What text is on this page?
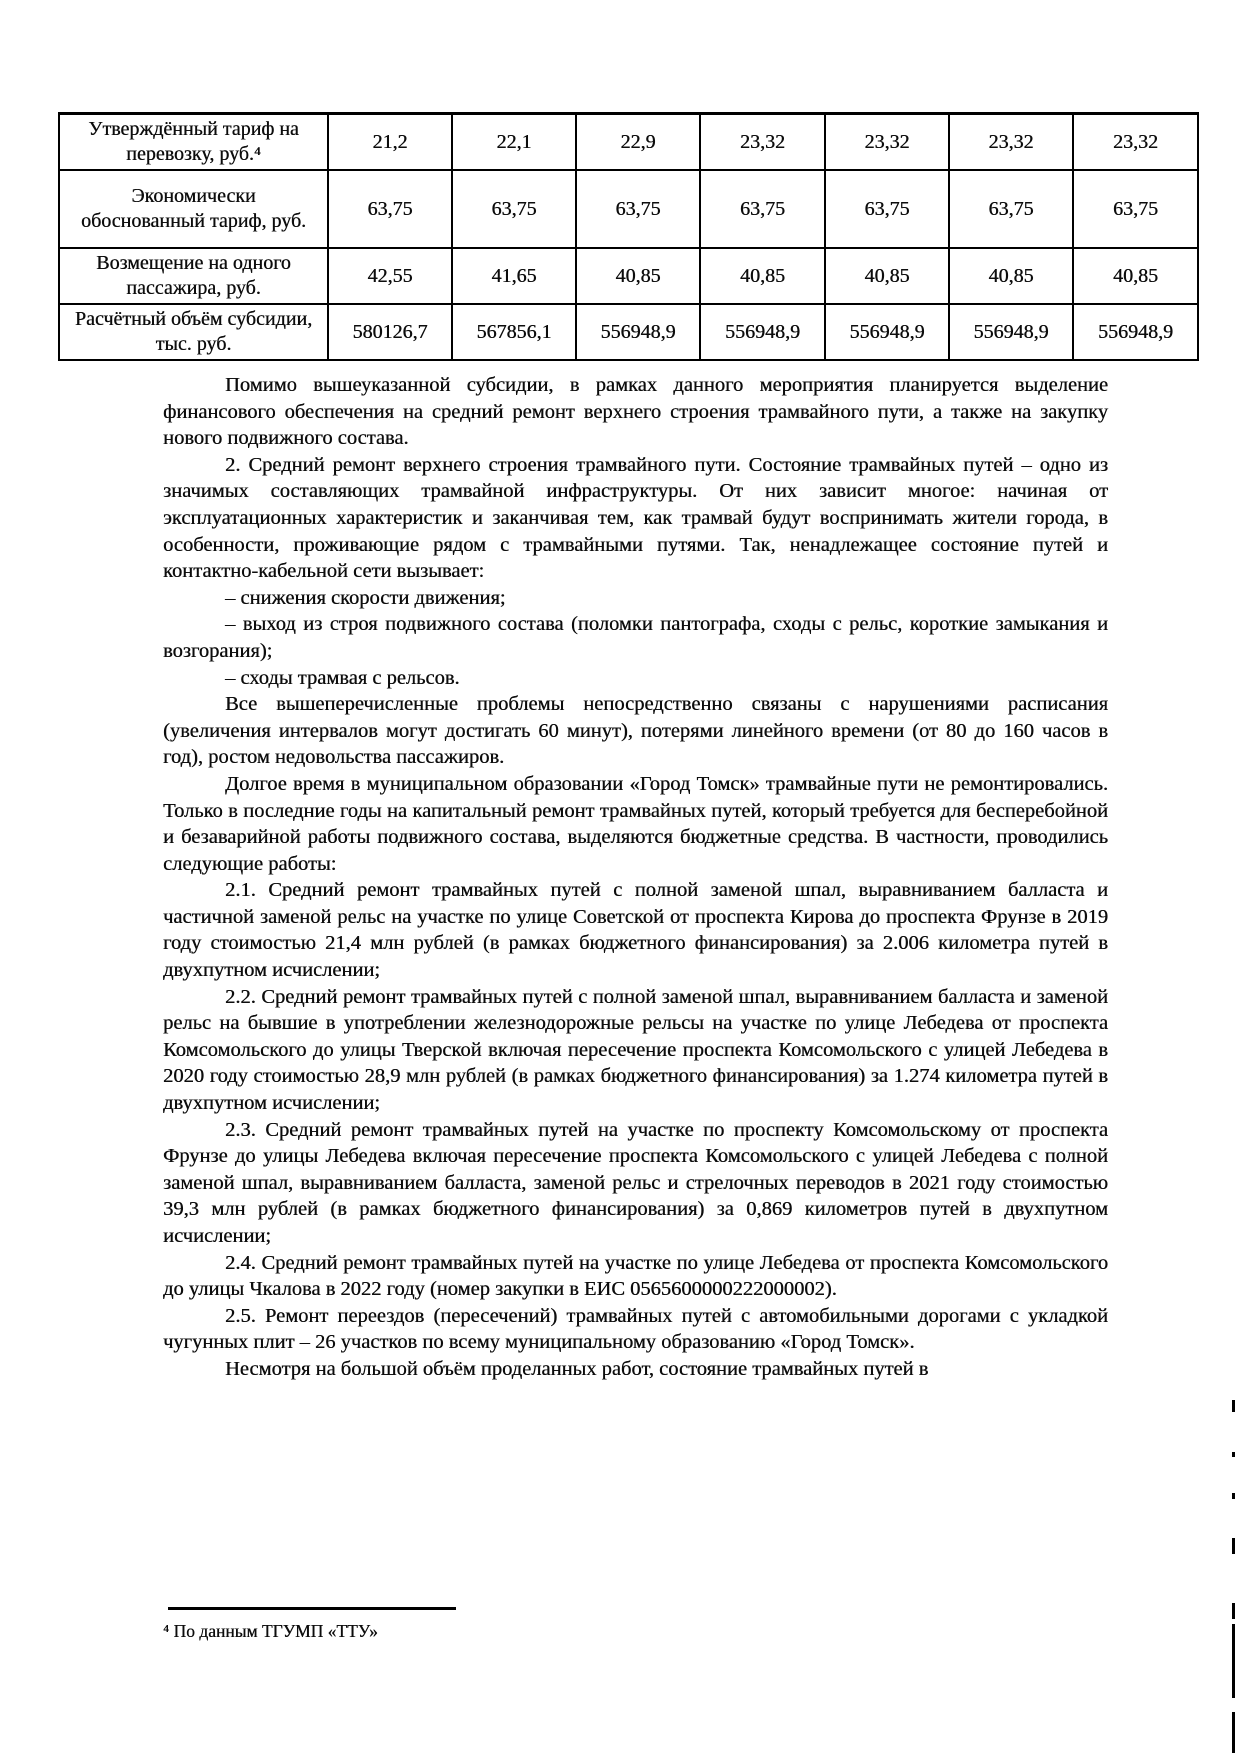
Утверждённый тариф на перевозку, руб.⁴	21,2	22,1	22,9	23,32	23,32	23,32	23,32
Экономически обоснованный тариф, руб.	63,75	63,75	63,75	63,75	63,75	63,75	63,75
Возмещение на одного пассажира, руб.	42,55	41,65	40,85	40,85	40,85	40,85	40,85
Расчётный объём субсидии, тыс. руб.	580126,7	567856,1	556948,9	556948,9	556948,9	556948,9	556948,9

Помимо вышеуказанной субсидии, в рамках данного мероприятия планируется выделение финансового обеспечения на средний ремонт верхнего строения трамвайного пути, а также на закупку нового подвижного состава.

2. Средний ремонт верхнего строения трамвайного пути. Состояние трамвайных путей – одно из значимых составляющих трамвайной инфраструктуры. От них зависит многое: начиная от эксплуатационных характеристик и заканчивая тем, как трамвай будут воспринимать жители города, в особенности, проживающие рядом с трамвайными путями. Так, ненадлежащее состояние путей и контактно-кабельной сети вызывает:

– снижения скорости движения;

– выход из строя подвижного состава (поломки пантографа, сходы с рельс, короткие замыкания и возгорания);

– сходы трамвая с рельсов.

Все вышеперечисленные проблемы непосредственно связаны с нарушениями расписания (увеличения интервалов могут достигать 60 минут), потерями линейного времени (от 80 до 160 часов в год), ростом недовольства пассажиров.

Долгое время в муниципальном образовании «Город Томск» трамвайные пути не ремонтировались. Только в последние годы на капитальный ремонт трамвайных путей, который требуется для бесперебойной и безаварийной работы подвижного состава, выделяются бюджетные средства. В частности, проводились следующие работы:

2.1. Средний ремонт трамвайных путей с полной заменой шпал, выравниванием балласта и частичной заменой рельс на участке по улице Советской от проспекта Кирова до проспекта Фрунзе в 2019 году стоимостью 21,4 млн рублей (в рамках бюджетного финансирования) за 2.006 километра путей в двухпутном исчислении;

2.2. Средний ремонт трамвайных путей с полной заменой шпал, выравниванием балласта и заменой рельс на бывшие в употреблении железнодорожные рельсы на участке по улице Лебедева от проспекта Комсомольского до улицы Тверской включая пересечение проспекта Комсомольского с улицей Лебедева в 2020 году стоимостью 28,9 млн рублей (в рамках бюджетного финансирования) за 1.274 километра путей в двухпутном исчислении;

2.3. Средний ремонт трамвайных путей на участке по проспекту Комсомольскому от проспекта Фрунзе до улицы Лебедева включая пересечение проспекта Комсомольского с улицей Лебедева с полной заменой шпал, выравниванием балласта, заменой рельс и стрелочных переводов в 2021 году стоимостью 39,3 млн рублей (в рамках бюджетного финансирования) за 0,869 километров путей в двухпутном исчислении;

2.4. Средний ремонт трамвайных путей на участке по улице Лебедева от проспекта Комсомольского до улицы Чкалова в 2022 году (номер закупки в ЕИС 0565600000222000002).

2.5. Ремонт переездов (пересечений) трамвайных путей с автомобильными дорогами с укладкой чугунных плит – 26 участков по всему муниципальному образованию «Город Томск».

Несмотря на большой объём проделанных работ, состояние трамвайных путей в

⁴ По данным ТГУМП «ТТУ»
